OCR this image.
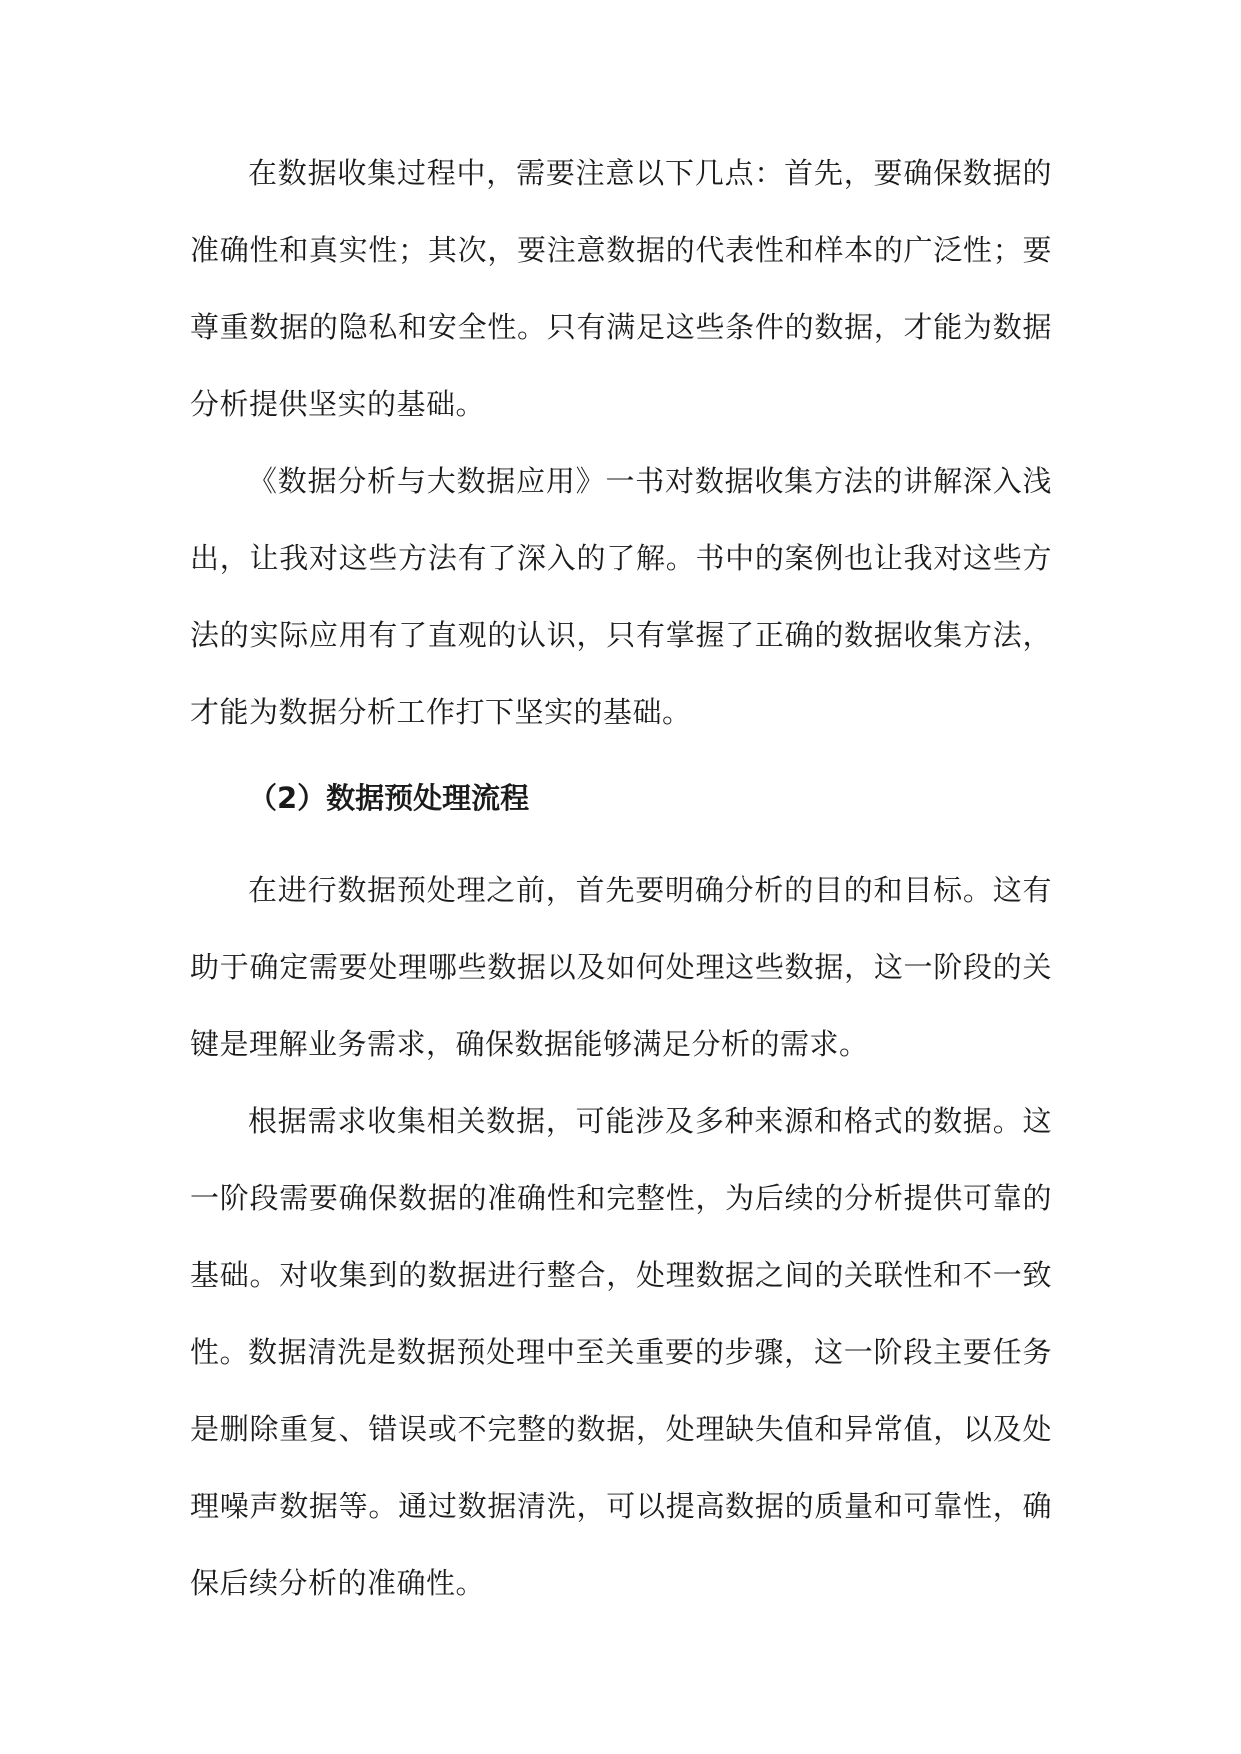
在数据收集过程中，需要注意以下几点：首先，要确保数据的准确性和真实性；其次，要注意数据的代表性和样本的广泛性；要尊重数据的隐私和安全性。只有满足这些条件的数据，才能为数据分析提供坚实的基础。

《数据分析与大数据应用》一书对数据收集方法的讲解深入浅出，让我对这些方法有了深入的了解。书中的案例也让我对这些方法的实际应用有了直观的认识，只有掌握了正确的数据收集方法，才能为数据分析工作打下坚实的基础。

（2）数据预处理流程

在进行数据预处理之前，首先要明确分析的目的和目标。这有助于确定需要处理哪些数据以及如何处理这些数据，这一阶段的关键是理解业务需求，确保数据能够满足分析的需求。

根据需求收集相关数据，可能涉及多种来源和格式的数据。这一阶段需要确保数据的准确性和完整性，为后续的分析提供可靠的基础。对收集到的数据进行整合，处理数据之间的关联性和不一致性。

数据清洗是数据预处理中至关重要的步骤，这一阶段主要任务是删除重复、错误或不完整的数据，处理缺失值和异常值，以及处理噪声数据等。通过数据清洗，可以提高数据的质量和可靠性，确保后续分析的准确性。
